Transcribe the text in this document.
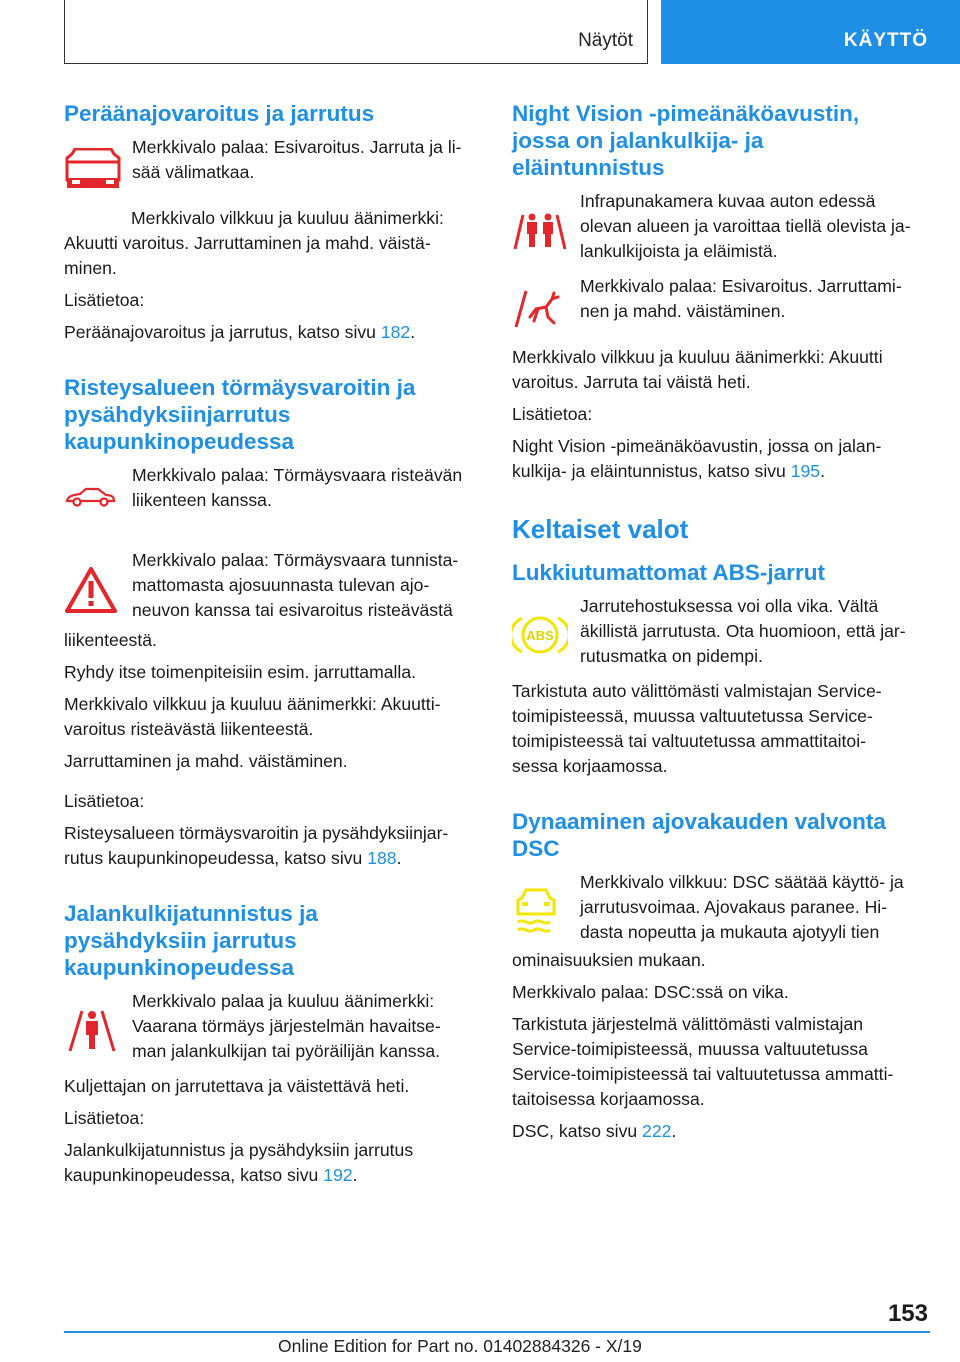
Näytöt	KÄYTTÖ
Peräänajovaroitus ja jarrutus

Merkkivalo palaa: Esivaroitus. Jarruta ja li-
sää välimatkaa.

Merkkivalo vilkkuu ja kuuluu äänimerkki:

Akuutti varoitus. Jarruttaminen ja mahd. väistä-
minen.

Lisätietoa:

Peräänajovaroitus ja jarrutus, katso sivu 182.

Risteysalueen törmäysvaroitin ja
pysähdyksiinjarrutus
kaupunkinopeudessa

Merkkivalo palaa: Törmäysvaara risteävän
liikenteen kanssa.

Merkkivalo palaa: Törmäysvaara tunnista-
mattomasta ajosuunnasta tulevan ajo-
neuvon kanssa tai esivaroitus risteävästä

liikenteestä.

Ryhdy itse toimenpiteisiin esim. jarruttamalla.

Merkkivalo vilkkuu ja kuuluu äänimerkki: Akuutti-
varoitus risteävästä liikenteestä.

Jarruttaminen ja mahd. väistäminen.

Lisätietoa:

Risteysalueen törmäysvaroitin ja pysähdyksiinjar-
rutus kaupunkinopeudessa, katso sivu 188.

Jalankulkijatunnistus ja
pysähdyksiin jarrutus
kaupunkinopeudessa

Merkkivalo palaa ja kuuluu äänimerkki:
Vaarana törmäys järjestelmän havaitse-
man jalankulkijan tai pyöräilijän kanssa.

Kuljettajan on jarrutettava ja väistettävä heti.

Lisätietoa:

Jalankulkijatunnistus ja pysähdyksiin jarrutus
kaupunkinopeudessa, katso sivu 192.

Night Vision -pimeänäköavustin,
jossa on jalankulkija- ja
eläintunnistus

Infrapunakamera kuvaa auton edessä
olevan alueen ja varoittaa tiellä olevista ja-
lankulkijoista ja eläimistä.

Merkkivalo palaa: Esivaroitus. Jarruttami-
nen ja mahd. väistäminen.

Merkkivalo vilkkuu ja kuuluu äänimerkki: Akuutti
varoitus. Jarruta tai väistä heti.

Lisätietoa:

Night Vision -pimeänäköavustin, jossa on jalan-
kulkija- ja eläintunnistus, katso sivu 195.

Keltaiset valot
Lukkiutumattomat ABS-jarrut
ABS

Jarrutehostuksessa voi olla vika. Vältä
äkillistä jarrutusta. Ota huomioon, että jar-
rutusmatka on pidempi.

Tarkistuta auto välittömästi valmistajan Service-
toimipisteessä, muussa valtuutetussa Service-
toimipisteessä tai valtuutetussa ammattitaitoi-
sessa korjaamossa.

Dynaaminen ajovakauden valvonta
DSC

Merkkivalo vilkkuu: DSC säätää käyttö- ja
jarrutusvoimaa. Ajovakaus paranee. Hi-
dasta nopeutta ja mukauta ajotyyli tien

ominaisuuksien mukaan.

Merkkivalo palaa: DSC:ssä on vika.

Tarkistuta järjestelmä välittömästi valmistajan
Service-toimipisteessä, muussa valtuutetussa
Service-toimipisteessä tai valtuutetussa ammatti-
taitoisessa korjaamossa.

DSC, katso sivu 222.

153
Online Edition for Part no. 01402884326 - X/19
